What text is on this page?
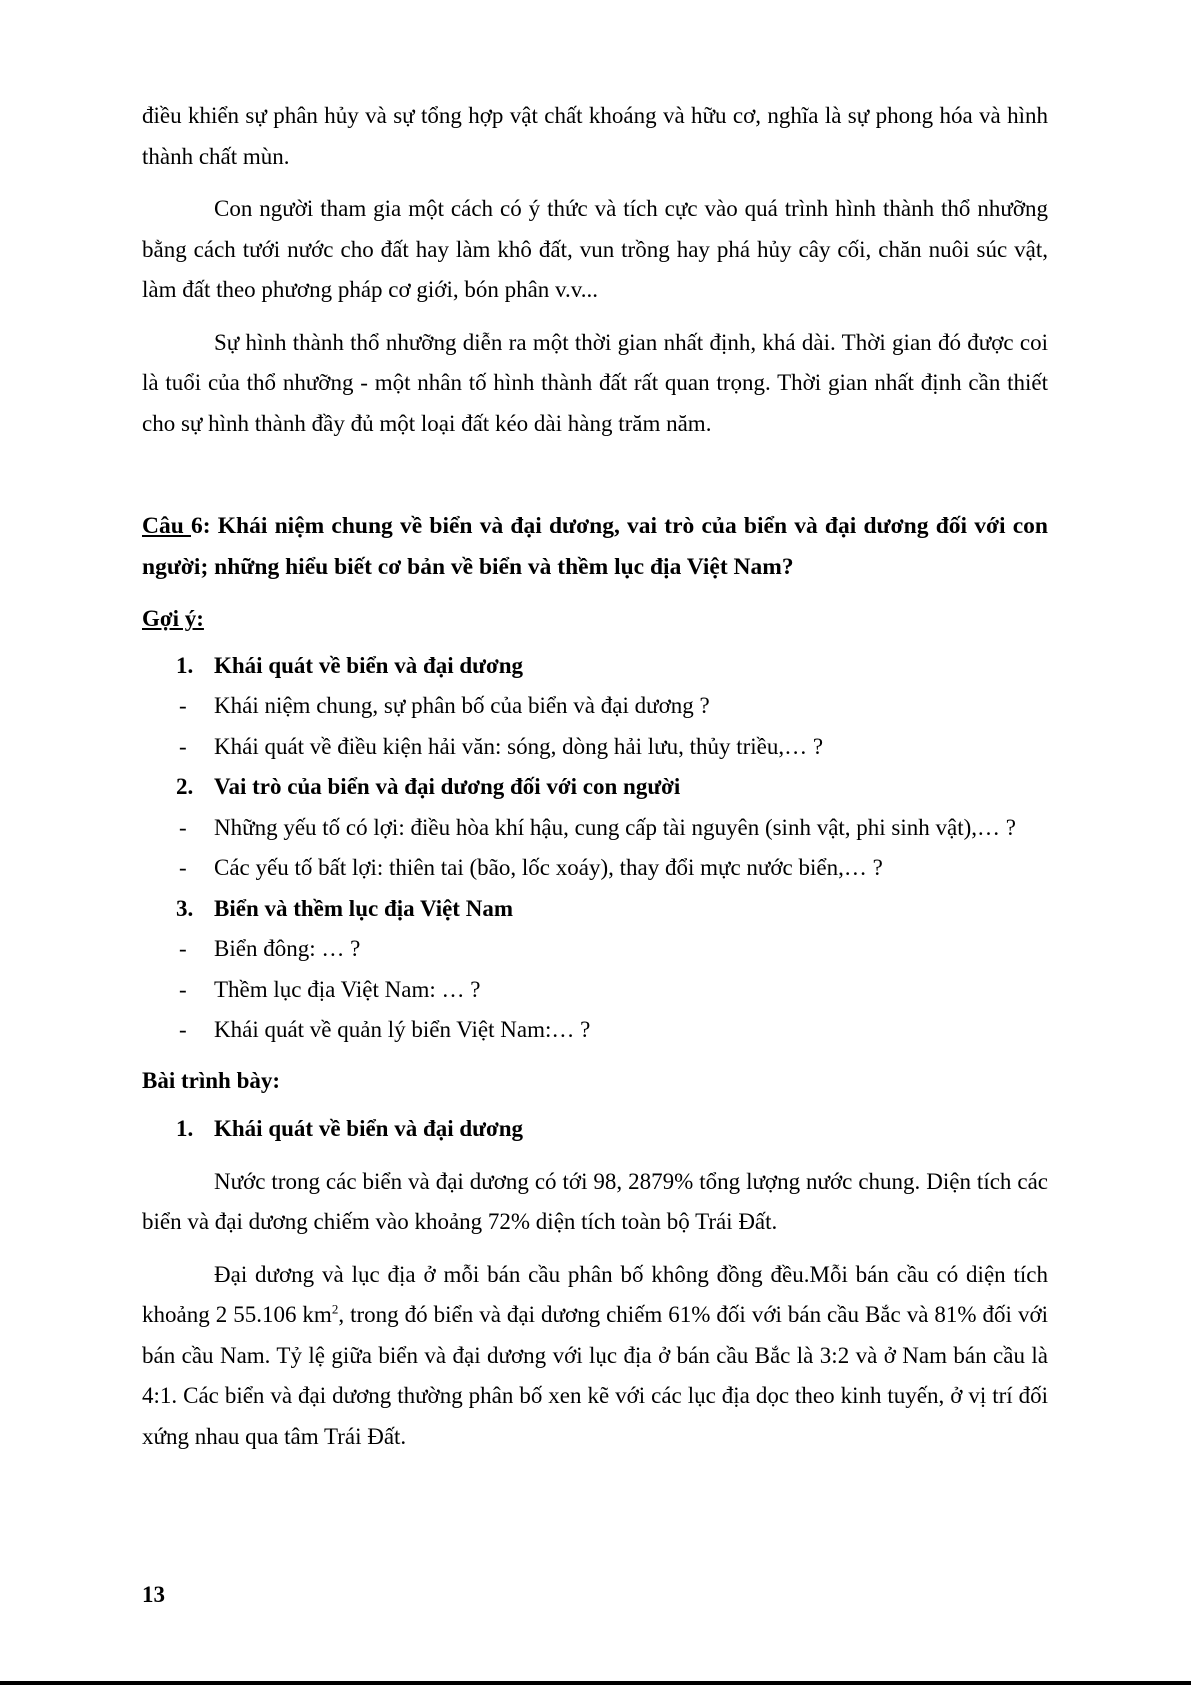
điều khiển sự phân hủy và sự tổng hợp vật chất khoáng và hữu cơ, nghĩa là sự phong hóa và hình thành chất mùn.

Con người tham gia một cách có ý thức và tích cực vào quá trình hình thành thổ nhưỡng bằng cách tưới nước cho đất hay làm khô đất, vun trồng hay phá hủy cây cối, chăn nuôi súc vật, làm đất theo phương pháp cơ giới, bón phân v.v...

Sự hình thành thổ nhưỡng diễn ra một thời gian nhất định, khá dài. Thời gian đó được coi là tuổi của thổ nhưỡng - một nhân tố hình thành đất rất quan trọng. Thời gian nhất định cần thiết cho sự hình thành đầy đủ một loại đất kéo dài hàng trăm năm.

Câu 6: Khái niệm chung về biển và đại dương, vai trò của biển và đại dương đối với con người; những hiểu biết cơ bản về biển và thềm lục địa Việt Nam?

Gợi ý:

1. Khái quát về biển và đại dương
- Khái niệm chung, sự phân bố của biển và đại dương ?
- Khái quát về điều kiện hải văn: sóng, dòng hải lưu, thủy triều,… ?
2. Vai trò của biển và đại dương đối với con người
- Những yếu tố có lợi: điều hòa khí hậu, cung cấp tài nguyên (sinh vật, phi sinh vật),… ?
- Các yếu tố bất lợi: thiên tai (bão, lốc xoáy), thay đổi mực nước biển,… ?
3. Biển và thềm lục địa Việt Nam
- Biển đông: … ?
- Thềm lục địa Việt Nam: … ?
- Khái quát về quản lý biển Việt Nam:… ?

Bài trình bày:

1. Khái quát về biển và đại dương

Nước trong các biển và đại dương có tới 98, 2879% tổng lượng nước chung. Diện tích các biển và đại dương chiếm vào khoảng 72% diện tích toàn bộ Trái Đất.

Đại dương và lục địa ở mỗi bán cầu phân bố không đồng đều.Mỗi bán cầu có diện tích khoảng 2 55.106 $km^2$, trong đó biển và đại dương chiếm 61% đối với bán cầu Bắc và 81% đối với bán cầu Nam. Tỷ lệ giữa biển và đại dương với lục địa ở bán cầu Bắc là 3:2 và ở Nam bán cầu là 4:1. Các biển và đại dương thường phân bố xen kẽ với các lục địa dọc theo kinh tuyến, ở vị trí đối xứng nhau qua tâm Trái Đất.

13
